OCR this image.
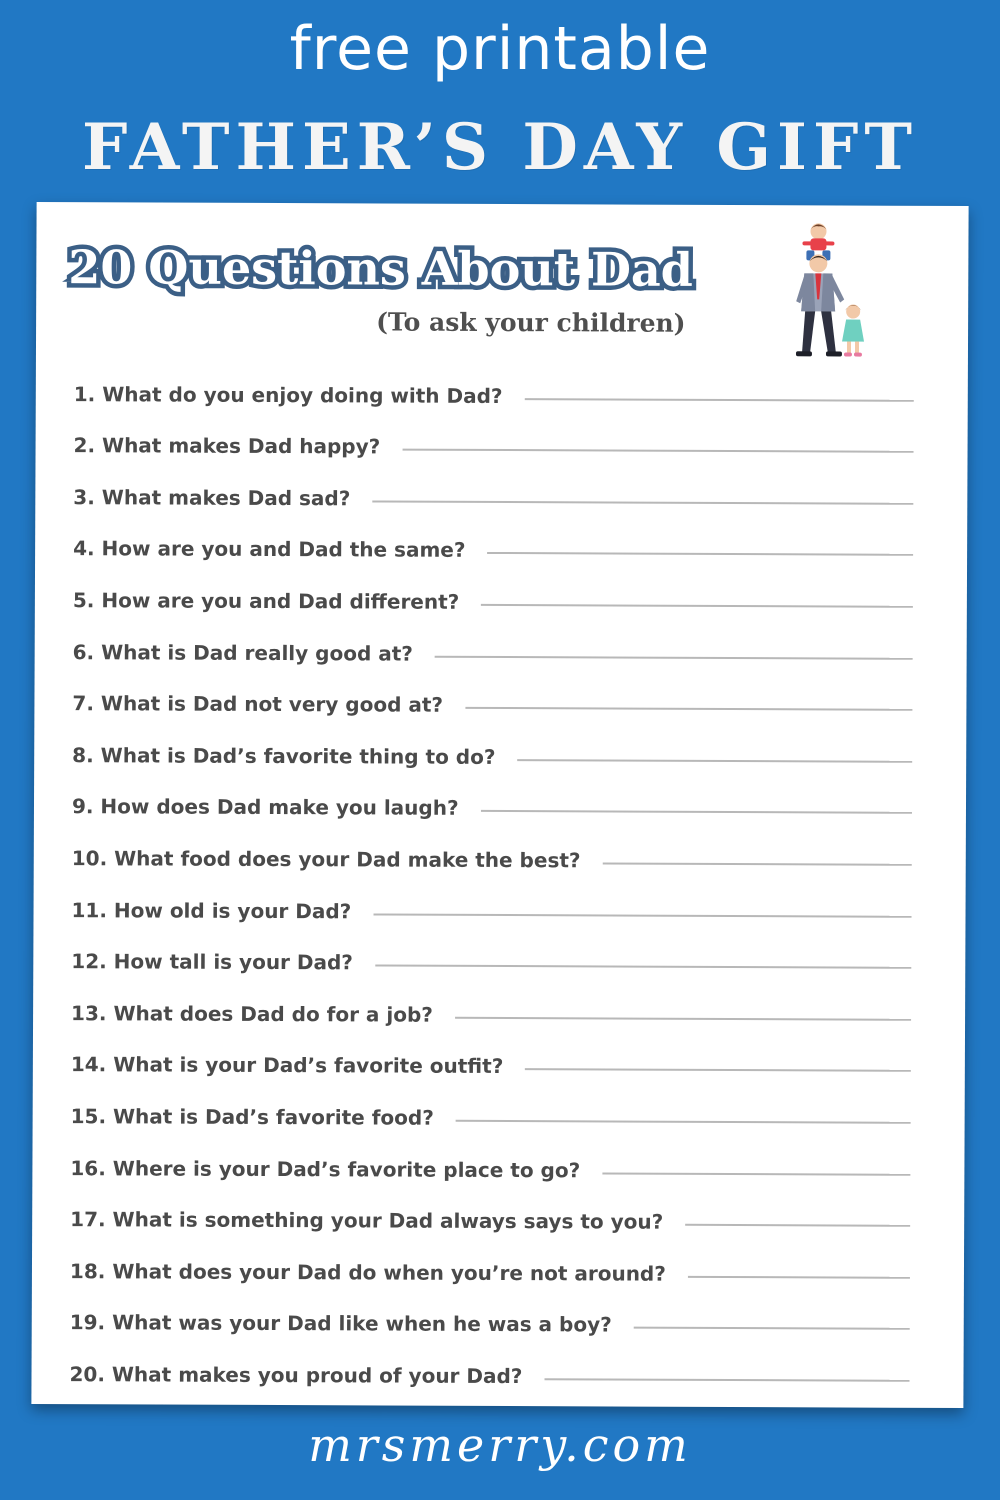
free printable
FATHER’S DAY GIFT
20 Questions About Dad
(To ask your children)
1. What do you enjoy doing with Dad?
2. What makes Dad happy?
3. What makes Dad sad?
4. How are you and Dad the same?
5. How are you and Dad different?
6. What is Dad really good at?
7. What is Dad not very good at?
8. What is Dad’s favorite thing to do?
9. How does Dad make you laugh?
10. What food does your Dad make the best?
11. How old is your Dad?
12. How tall is your Dad?
13. What does Dad do for a job?
14. What is your Dad’s favorite outfit?
15. What is Dad’s favorite food?
16. Where is your Dad’s favorite place to go?
17. What is something your Dad always says to you?
18. What does your Dad do when you’re not around?
19. What was your Dad like when he was a boy?
20. What makes you proud of your Dad?
mrsmerry.com
